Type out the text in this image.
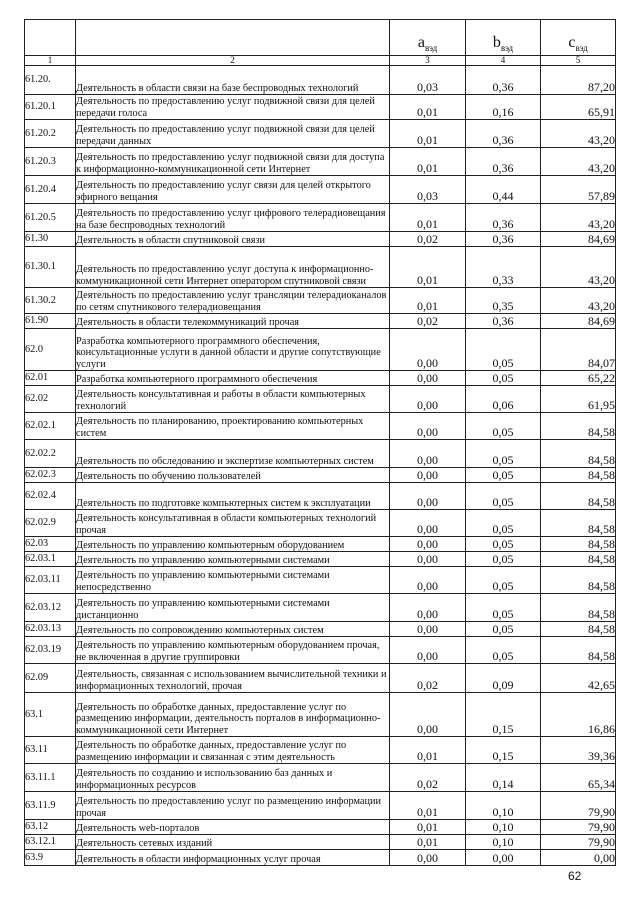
		$a_{вэд}$	$b_{вэд}$	$c_{вэд}$
1	2	3	4	5
61.20.	Деятельность в области связи на базе беспроводных технологий	0,03	0,36	87,20
61.20.1	Деятельность по предоставлению услуг подвижной связи для целей передачи голоса	0,01	0,16	65,91
61.20.2	Деятельность по предоставлению услуг подвижной связи для целей передачи данных	0,01	0,36	43,20
61.20.3	Деятельность по предоставлению услуг подвижной связи для доступа к информационно-коммуникационной сети Интернет	0,01	0,36	43,20
61.20.4	Деятельность по предоставлению услуг связи для целей открытого эфирного вещания	0,03	0,44	57,89
61.20.5	Деятельность по предоставлению услуг цифрового телерадиовещания на базе беспроводных технологий	0,01	0,36	43,20
61.30	Деятельность в области спутниковой связи	0,02	0,36	84,69
61.30.1	Деятельность по предоставлению услуг доступа к информационно-коммуникационной сети Интернет оператором спутниковой связи	0,01	0,33	43,20
61.30.2	Деятельность по предоставлению услуг трансляции телерадиоканалов по сетям спутникового телерадиовещания	0,01	0,35	43,20
61.90	Деятельность в области телекоммуникаций прочая	0,02	0,36	84,69
62.0	Разработка компьютерного программного обеспечения, консультационные услуги в данной области и другие сопутствующие услуги	0,00	0,05	84,07
62.01	Разработка компьютерного программного обеспечения	0,00	0,05	65,22
62.02	Деятельность консультативная и работы в области компьютерных технологий	0,00	0,06	61,95
62.02.1	Деятельность по планированию, проектированию компьютерных систем	0,00	0,05	84,58
62.02.2	Деятельность по обследованию и экспертизе компьютерных систем	0,00	0,05	84,58
62.02.3	Деятельность по обучению пользователей	0,00	0,05	84,58
62.02.4	Деятельность по подготовке компьютерных систем к эксплуатации	0,00	0,05	84,58
62.02.9	Деятельность консультативная в области компьютерных технологий прочая	0,00	0,05	84,58
62.03	Деятельность по управлению компьютерным оборудованием	0,00	0,05	84,58
62.03.1	Деятельность по управлению компьютерными системами	0,00	0,05	84,58
62.03.11	Деятельность по управлению компьютерными системами непосредственно	0,00	0,05	84,58
62.03.12	Деятельность по управлению компьютерными системами дистанционно	0,00	0,05	84,58
62.03.13	Деятельность по сопровождению компьютерных систем	0,00	0,05	84,58
62.03.19	Деятельность по управлению компьютерным оборудованием прочая, не включенная в другие группировки	0,00	0,05	84,58
62.09	Деятельность, связанная с использованием вычислительной техники и информационных технологий, прочая	0,02	0,09	42,65
63.1	Деятельность по обработке данных, предоставление услуг по размещению информации, деятельность порталов в информационно-коммуникационной сети Интернет	0,00	0,15	16,86
63.11	Деятельность по обработке данных, предоставление услуг по размещению информации и связанная с этим деятельность	0,01	0,15	39,36
63.11.1	Деятельность по созданию и использованию баз данных и информационных ресурсов	0,02	0,14	65,34
63.11.9	Деятельность по предоставлению услуг по размещению информации прочая	0,01	0,10	79,90
63.12	Деятельность web-порталов	0,01	0,10	79,90
63.12.1	Деятельность сетевых изданий	0,01	0,10	79,90
63.9	Деятельность в области информационных услуг прочая	0,00	0,00	0,00
62
